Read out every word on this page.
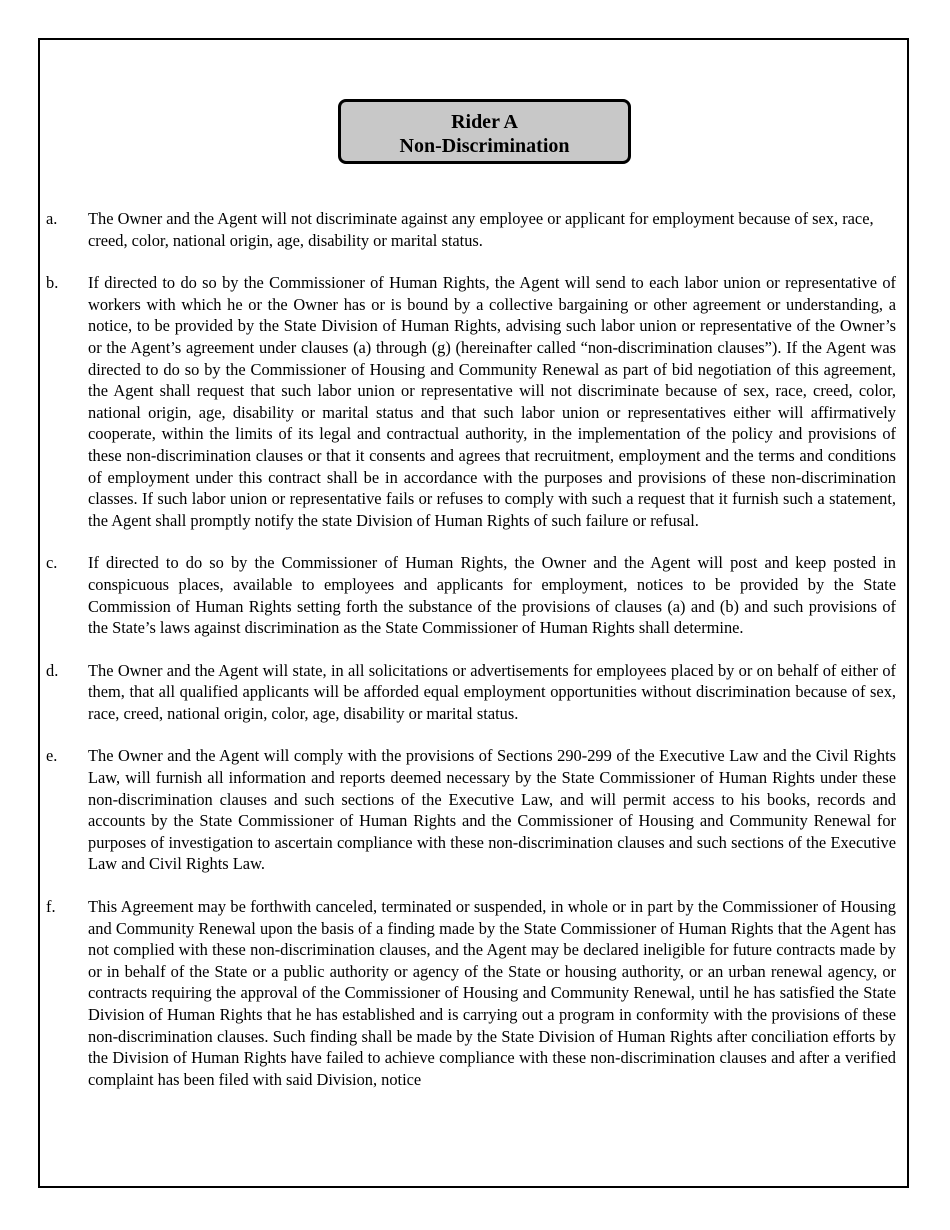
Rider A
Non-Discrimination
a.	The Owner and the Agent will not discriminate against any employee or applicant for employment because of sex, race, creed, color, national origin, age, disability or marital status.
b.	If directed to do so by the Commissioner of Human Rights, the Agent will send to each labor union or representative of workers with which he or the Owner has or is bound by a collective bargaining or other agreement or understanding, a notice, to be provided by the State Division of Human Rights, advising such labor union or representative of the Owner’s or the Agent’s agreement under clauses (a) through (g) (hereinafter called “non-discrimination clauses”). If the Agent was directed to do so by the Commissioner of Housing and Community Renewal as part of bid negotiation of this agreement, the Agent shall request that such labor union or representative will not discriminate because of sex, race, creed, color, national origin, age, disability or marital status and that such labor union or representatives either will affirmatively cooperate, within the limits of its legal and contractual authority, in the implementation of the policy and provisions of these non-discrimination clauses or that it consents and agrees that recruitment, employment and the terms and conditions of employment under this contract shall be in accordance with the purposes and provisions of these non-discrimination classes. If such labor union or representative fails or refuses to comply with such a request that it furnish such a statement, the Agent shall promptly notify the state Division of Human Rights of such failure or refusal.
c.	If directed to do so by the Commissioner of Human Rights, the Owner and the Agent will post and keep posted in conspicuous places, available to employees and applicants for employment, notices to be provided by the State Commission of Human Rights setting forth the substance of the provisions of clauses (a) and (b) and such provisions of the State’s laws against discrimination as the State Commissioner of Human Rights shall determine.
d.	The Owner and the Agent will state, in all solicitations or advertisements for employees placed by or on behalf of either of them, that all qualified applicants will be afforded equal employment opportunities without discrimination because of sex, race, creed, national origin, color, age, disability or marital status.
e.	The Owner and the Agent will comply with the provisions of Sections 290-299 of the Executive Law and the Civil Rights Law, will furnish all information and reports deemed necessary by the State Commissioner of Human Rights under these non-discrimination clauses and such sections of the Executive Law, and will permit access to his books, records and accounts by the State Commissioner of Human Rights and the Commissioner of Housing and Community Renewal for purposes of investigation to ascertain compliance with these non-discrimination clauses and such sections of the Executive Law and Civil Rights Law.
f.	This Agreement may be forthwith canceled, terminated or suspended, in whole or in part by the Commissioner of Housing and Community Renewal upon the basis of a finding made by the State Commissioner of Human Rights that the Agent has not complied with these non-discrimination clauses, and the Agent may be declared ineligible for future contracts made by or in behalf of the State or a public authority or agency of the State or housing authority, or an urban renewal agency, or contracts requiring the approval of the Commissioner of Housing and Community Renewal, until he has satisfied the State Division of Human Rights that he has established and is carrying out a program in conformity with the provisions of these non-discrimination clauses. Such finding shall be made by the State Division of Human Rights after conciliation efforts by the Division of Human Rights have failed to achieve compliance with these non-discrimination clauses and after a verified complaint has been filed with said Division, notice
